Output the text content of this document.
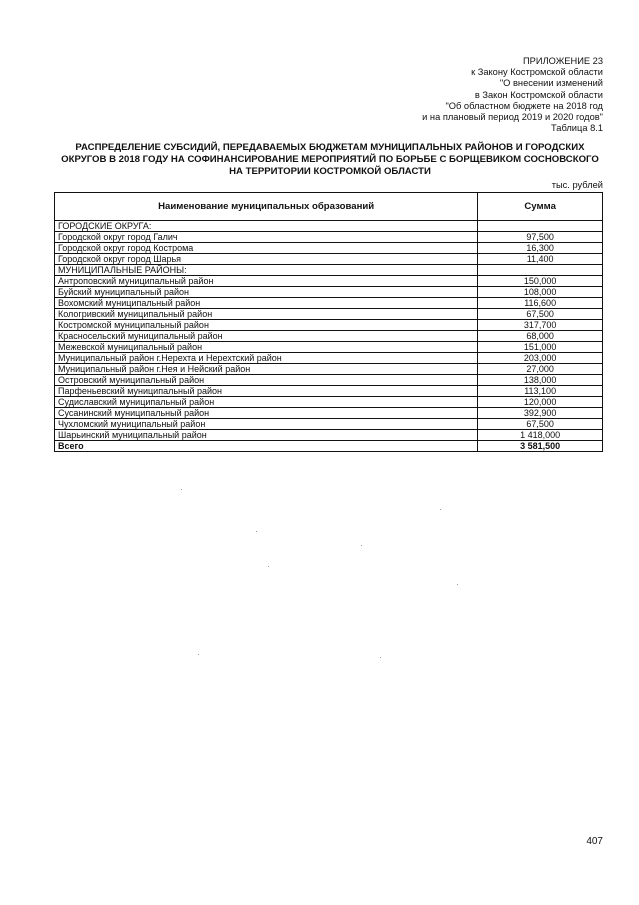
ПРИЛОЖЕНИЕ 23
к Закону Костромской области
"О внесении изменений
в Закон Костромской области
"Об областном бюджете на 2018 год
и на плановый период 2019 и 2020 годов"
Таблица 8.1
РАСПРЕДЕЛЕНИЕ СУБСИДИЙ, ПЕРЕДАВАЕМЫХ БЮДЖЕТАМ МУНИЦИПАЛЬНЫХ РАЙОНОВ И ГОРОДСКИХ
ОКРУГОВ В 2018 ГОДУ НА СОФИНАНСИРОВАНИЕ МЕРОПРИЯТИЙ ПО БОРЬБЕ С БОРЩЕВИКОМ СОСНОВСКОГО
НА ТЕРРИТОРИИ КОСТРОМКОЙ ОБЛАСТИ
тыс. рублей
Наименование муниципальных образований	Сумма
ГОРОДСКИЕ ОКРУГА:	
Городской округ город Галич	97,500
Городской округ город Кострома	16,300
Городской округ город Шарья	11,400
МУНИЦИПАЛЬНЫЕ РАЙОНЫ:	
Антроповский муниципальный район	150,000
Буйский муниципальный район	108,000
Вохомский муниципальный район	116,600
Кологривский муниципальный район	67,500
Костромской муниципальный район	317,700
Красносельский муниципальный район	68,000
Межевской муниципальный район	151,000
Муниципальный район г.Нерехта и Нерехтский район	203,000
Муниципальный район г.Нея и Нейский район	27,000
Островский муниципальный район	138,000
Парфеньевский муниципальный район	113,100
Судиславский муниципальный район	120,000
Сусанинский муниципальный район	392,900
Чухломский муниципальный район	67,500
Шарьинский муниципальный район	1 418,000
Всего	3 581,500
407
